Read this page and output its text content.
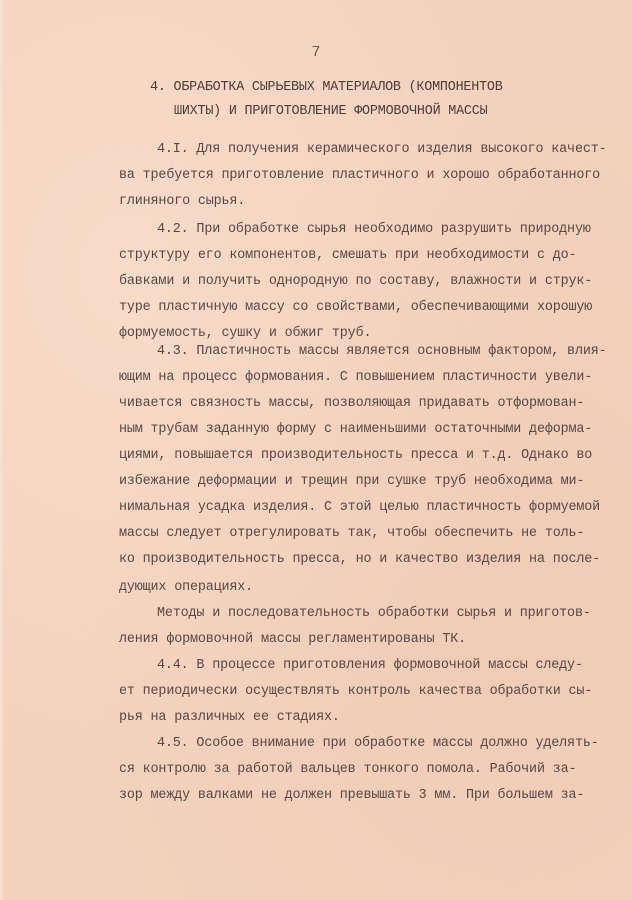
7
4. ОБРАБОТКА СЫРЬЕВЫХ МАТЕРИАЛОВ (КОМПОНЕНТОВ
ШИХТЫ) И ПРИГОТОВЛЕНИЕ ФОРМОВОЧНОЙ МАССЫ
4.I. Для получения керамического изделия высокого качест-
ва требуется приготовление пластичного и хорошо обработанного
глиняного сырья.
4.2. При обработке сырья необходимо разрушить природную
структуру его компонентов, смешать при необходимости с до-
бавками и получить однородную по составу, влажности и струк-
туре пластичную массу со свойствами, обеспечивающими хорошую
формуемость, сушку и обжиг труб.
4.3. Пластичность массы является основным фактором, влия-
ющим на процесс формования. С повышением пластичности увели-
чивается связность массы, позволяющая придавать отформован-
ным трубам заданную форму с наименьшими остаточными деформа-
циями, повышается производительность пресса и т.д. Однако во
избежание деформации и трещин при сушке труб необходима ми-
нимальная усадка изделия. С этой целью пластичность формуемой
массы следует отрегулировать так, чтобы обеспечить не толь-
ко производительность пресса, но и качество изделия на после-
дующих операциях.
Методы и последовательность обработки сырья и приготов-
ления формовочной массы регламентированы ТК.
4.4. В процессе приготовления формовочной массы следу-
ет периодически осуществлять контроль качества обработки сы-
рья на различных ее стадиях.
4.5. Особое внимание при обработке массы должно уделять-
ся контролю за работой вальцев тонкого помола. Рабочий за-
зор между валками не должен превышать 3 мм. При большем за-
